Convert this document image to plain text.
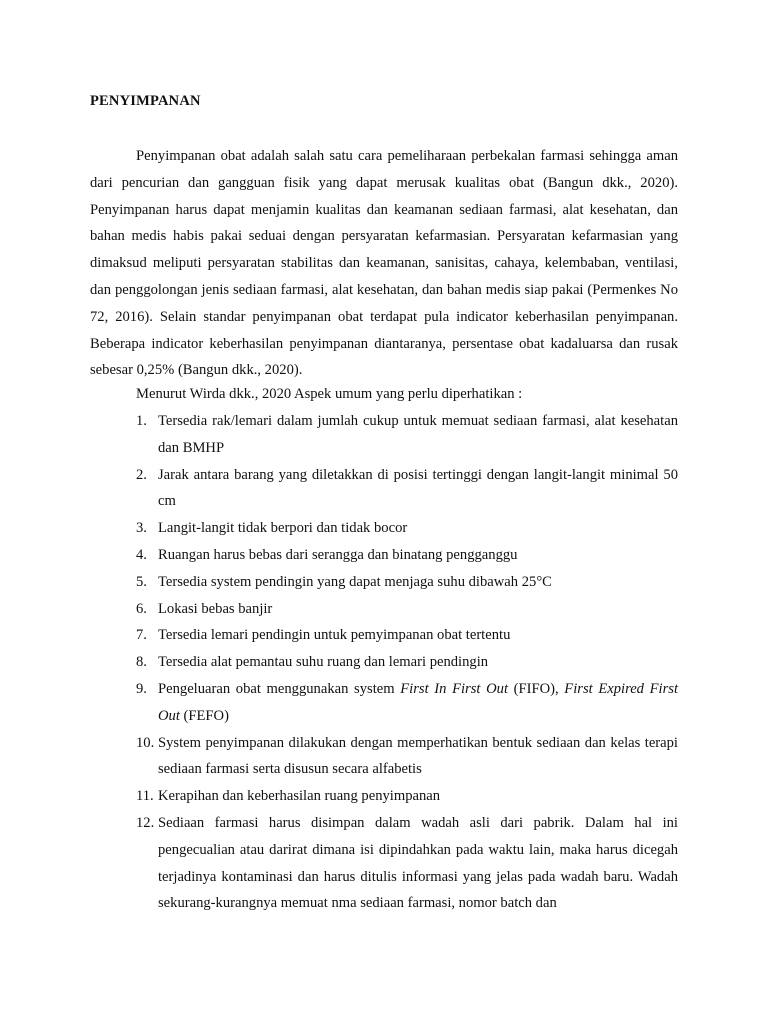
PENYIMPANAN

Penyimpanan obat adalah salah satu cara pemeliharaan perbekalan farmasi sehingga aman dari pencurian dan gangguan fisik yang dapat merusak kualitas obat (Bangun dkk., 2020). Penyimpanan harus dapat menjamin kualitas dan keamanan sediaan farmasi, alat kesehatan, dan bahan medis habis pakai seduai dengan persyaratan kefarmasian. Persyaratan kefarmasian yang dimaksud meliputi persyaratan stabilitas dan keamanan, sanisitas, cahaya, kelembaban, ventilasi, dan penggolongan jenis sediaan farmasi, alat kesehatan, dan bahan medis siap pakai (Permenkes No 72, 2016). Selain standar penyimpanan obat terdapat pula indicator keberhasilan penyimpanan. Beberapa indicator keberhasilan penyimpanan diantaranya, persentase obat kadaluarsa dan rusak sebesar 0,25% (Bangun dkk., 2020).

Menurut Wirda dkk., 2020 Aspek umum yang perlu diperhatikan :

1. Tersedia rak/lemari dalam jumlah cukup untuk memuat sediaan farmasi, alat kesehatan dan BMHP
2. Jarak antara barang yang diletakkan di posisi tertinggi dengan langit-langit minimal 50 cm
3. Langit-langit tidak berpori dan tidak bocor
4. Ruangan harus bebas dari serangga dan binatang pengganggu
5. Tersedia system pendingin yang dapat menjaga suhu dibawah 25°C
6. Lokasi bebas banjir
7. Tersedia lemari pendingin untuk pemyimpanan obat tertentu
8. Tersedia alat pemantau suhu ruang dan lemari pendingin
9. Pengeluaran obat menggunakan system First In First Out (FIFO), First Expired First Out (FEFO)
10. System penyimpanan dilakukan dengan memperhatikan bentuk sediaan dan kelas terapi sediaan farmasi serta disusun secara alfabetis
11. Kerapihan dan keberhasilan ruang penyimpanan
12. Sediaan farmasi harus disimpan dalam wadah asli dari pabrik. Dalam hal ini pengecualian atau darirat dimana isi dipindahkan pada waktu lain, maka harus dicegah terjadinya kontaminasi dan harus ditulis informasi yang jelas pada wadah baru. Wadah sekurang-kurangnya memuat nma sediaan farmasi, nomor batch dan
